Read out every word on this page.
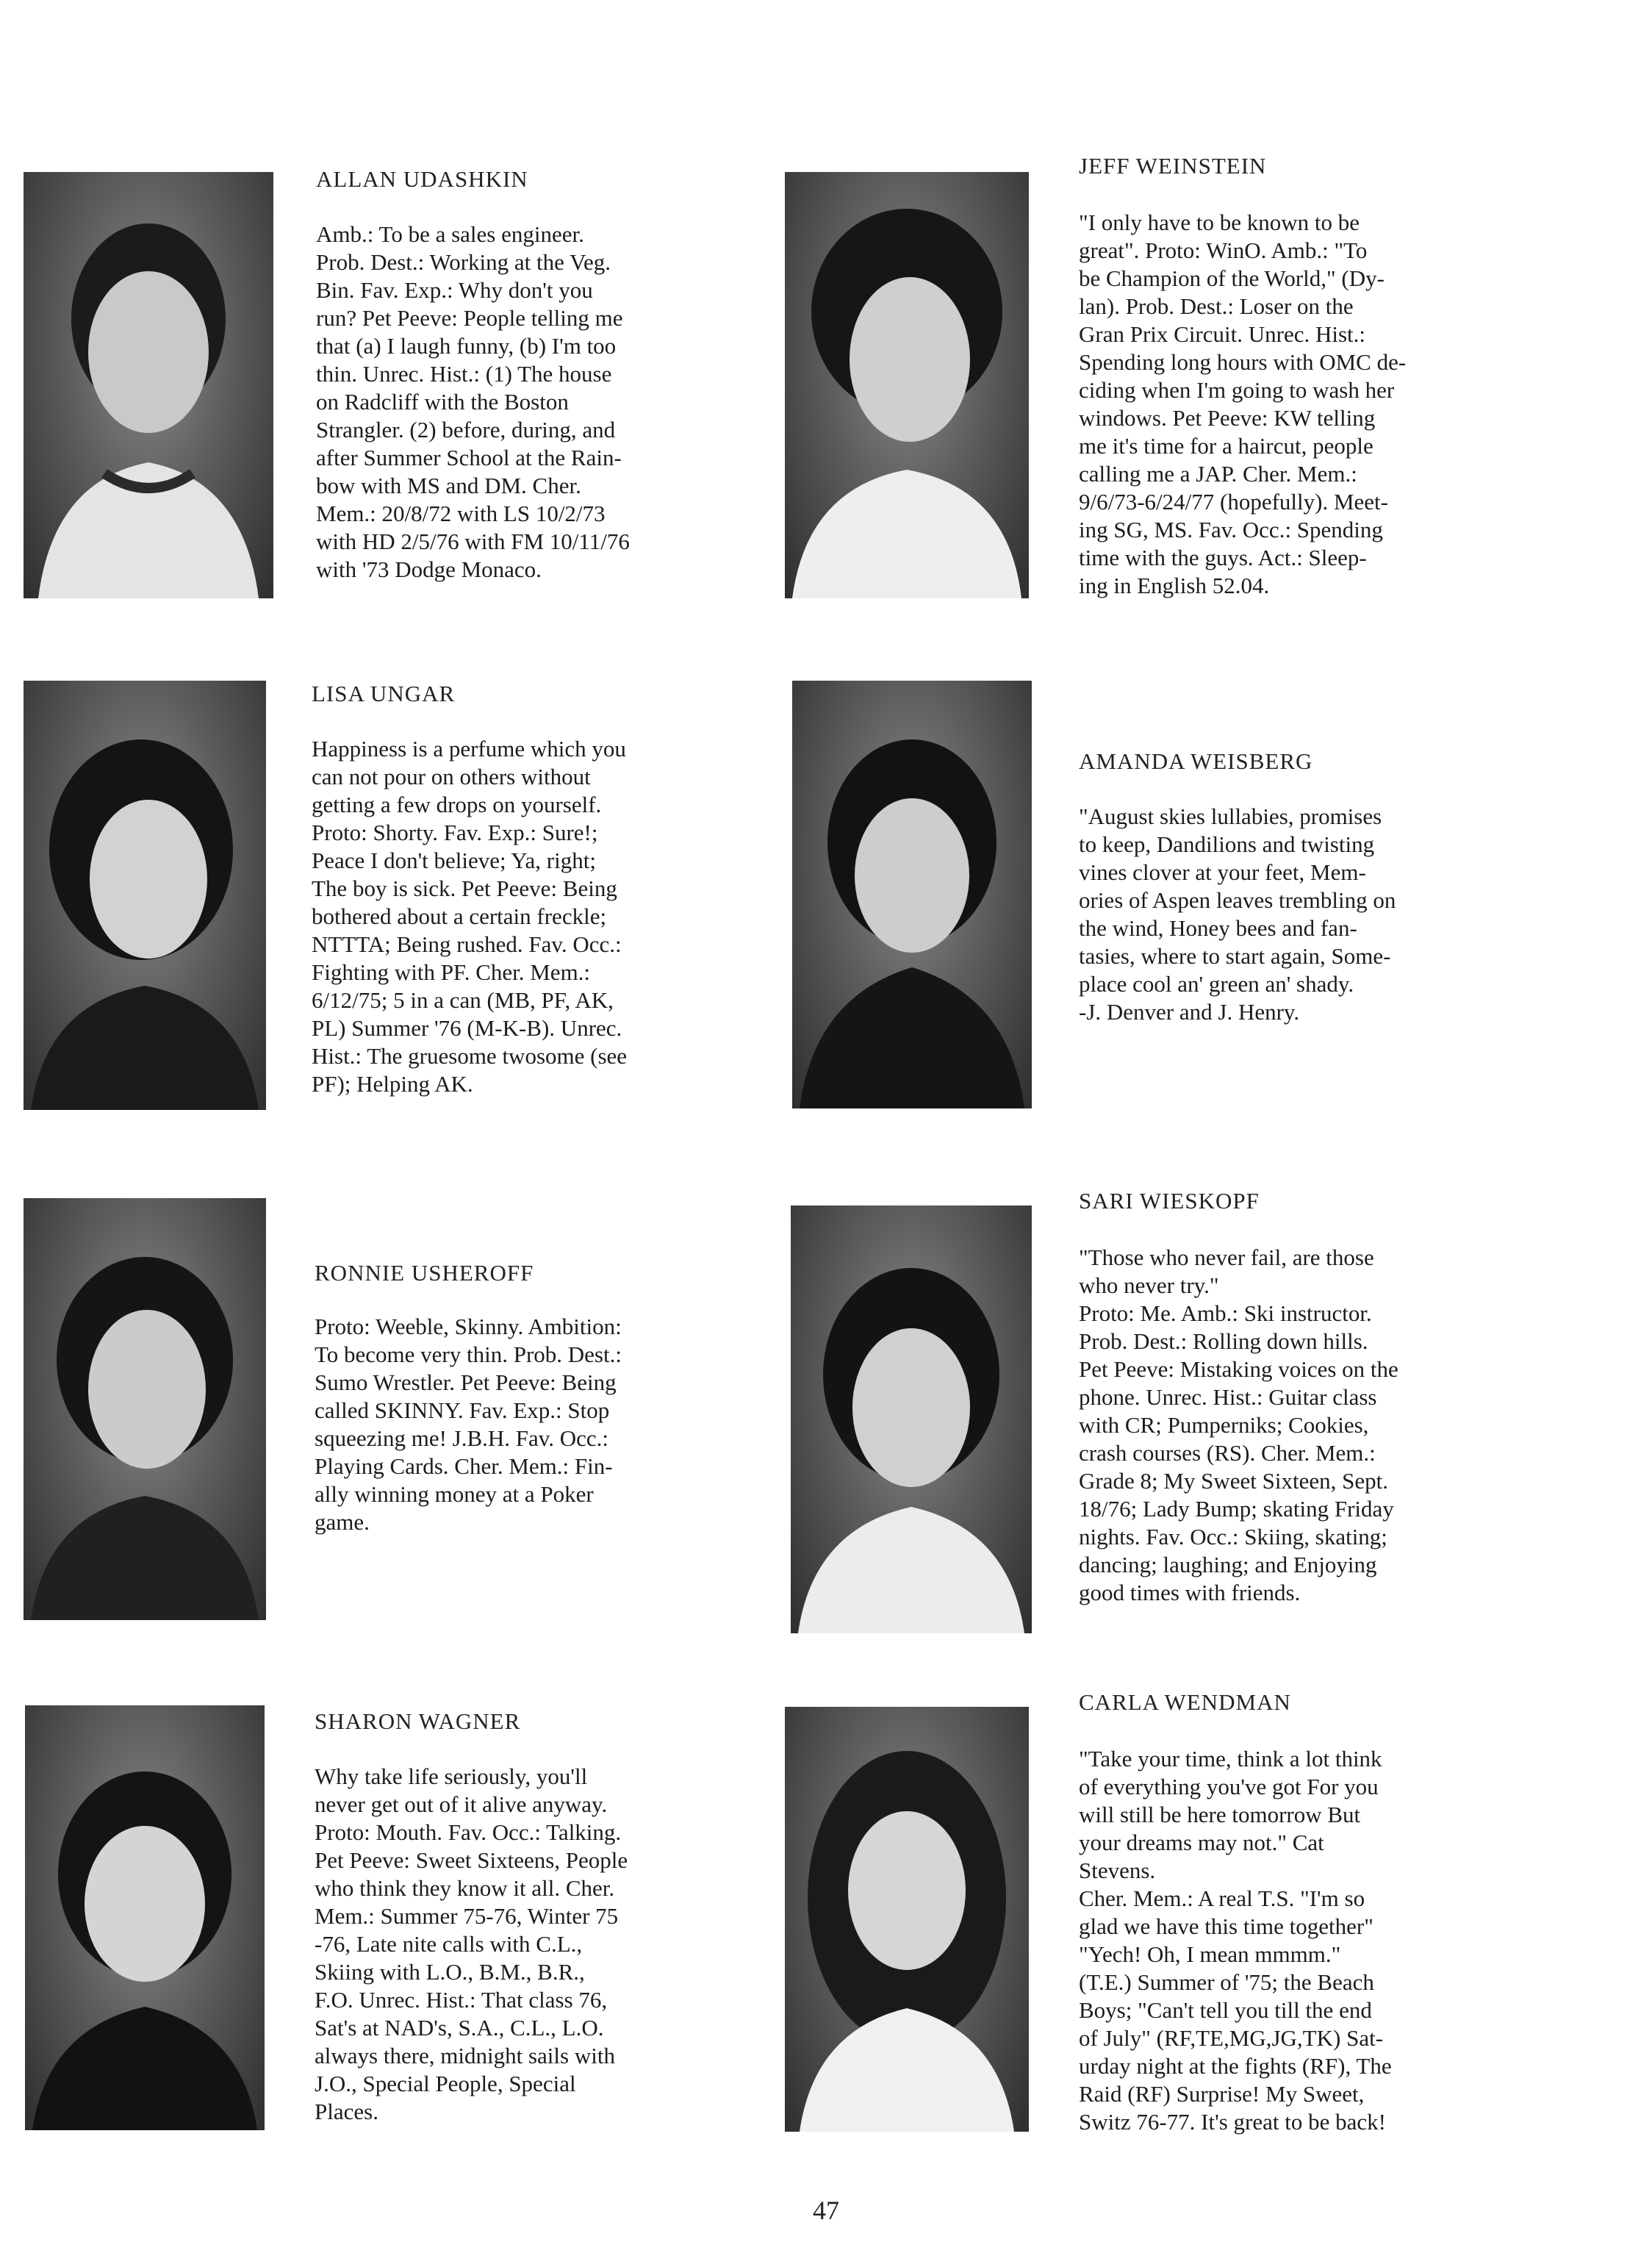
ALLAN UDASHKIN
Amb.: To be a sales engineer.
Prob. Dest.: Working at the Veg.
Bin. Fav. Exp.: Why don't you
run? Pet Peeve: People telling me
that (a) I laugh funny, (b) I'm too
thin. Unrec. Hist.: (1) The house
on Radcliff with the Boston
Strangler. (2) before, during, and
after Summer School at the Rain-
bow with MS and DM. Cher.
Mem.: 20/8/72 with LS 10/2/73
with HD 2/5/76 with FM 10/11/76
with '73 Dodge Monaco.
JEFF WEINSTEIN
"I only have to be known to be
great". Proto: WinO. Amb.: "To
be Champion of the World," (Dy-
lan). Prob. Dest.: Loser on the
Gran Prix Circuit. Unrec. Hist.:
Spending long hours with OMC de-
ciding when I'm going to wash her
windows. Pet Peeve: KW telling
me it's time for a haircut, people
calling me a JAP. Cher. Mem.:
9/6/73-6/24/77 (hopefully). Meet-
ing SG, MS. Fav. Occ.: Spending
time with the guys. Act.: Sleep-
ing in English 52.04.
LISA UNGAR
Happiness is a perfume which you
can not pour on others without
getting a few drops on yourself.
Proto: Shorty. Fav. Exp.: Sure!;
Peace I don't believe; Ya, right;
The boy is sick. Pet Peeve: Being
bothered about a certain freckle;
NTTTA; Being rushed. Fav. Occ.:
Fighting with PF. Cher. Mem.:
6/12/75; 5 in a can (MB, PF, AK,
PL) Summer '76 (M-K-B). Unrec.
Hist.: The gruesome twosome (see
PF); Helping AK.
AMANDA WEISBERG
"August skies lullabies, promises
to keep, Dandilions and twisting
vines clover at your feet, Mem-
ories of Aspen leaves trembling on
the wind, Honey bees and fan-
tasies, where to start again, Some-
place cool an' green an' shady.
-J. Denver and J. Henry.
RONNIE USHEROFF
Proto: Weeble, Skinny. Ambition:
To become very thin. Prob. Dest.:
Sumo Wrestler. Pet Peeve: Being
called SKINNY. Fav. Exp.: Stop
squeezing me! J.B.H. Fav. Occ.:
Playing Cards. Cher. Mem.: Fin-
ally winning money at a Poker
game.
SARI WIESKOPF
"Those who never fail, are those
who never try."
Proto: Me. Amb.: Ski instructor.
Prob. Dest.: Rolling down hills.
Pet Peeve: Mistaking voices on the
phone. Unrec. Hist.: Guitar class
with CR; Pumperniks; Cookies,
crash courses (RS). Cher. Mem.:
Grade 8; My Sweet Sixteen, Sept.
18/76; Lady Bump; skating Friday
nights. Fav. Occ.: Skiing, skating;
dancing; laughing; and Enjoying
good times with friends.
SHARON WAGNER
Why take life seriously, you'll
never get out of it alive anyway.
Proto: Mouth. Fav. Occ.: Talking.
Pet Peeve: Sweet Sixteens, People
who think they know it all. Cher.
Mem.: Summer 75-76, Winter 75
-76, Late nite calls with C.L.,
Skiing with L.O., B.M., B.R.,
F.O. Unrec. Hist.: That class 76,
Sat's at NAD's, S.A., C.L., L.O.
always there, midnight sails with
J.O., Special People, Special
Places.
CARLA WENDMAN
"Take your time, think a lot think
of everything you've got For you
will still be here tomorrow But
your dreams may not." Cat
Stevens.
Cher. Mem.: A real T.S. "I'm so
glad we have this time together"
"Yech! Oh, I mean mmmm."
(T.E.) Summer of '75; the Beach
Boys; "Can't tell you till the end
of July" (RF,TE,MG,JG,TK) Sat-
urday night at the fights (RF), The
Raid (RF) Surprise! My Sweet,
Switz 76-77. It's great to be back!
47
